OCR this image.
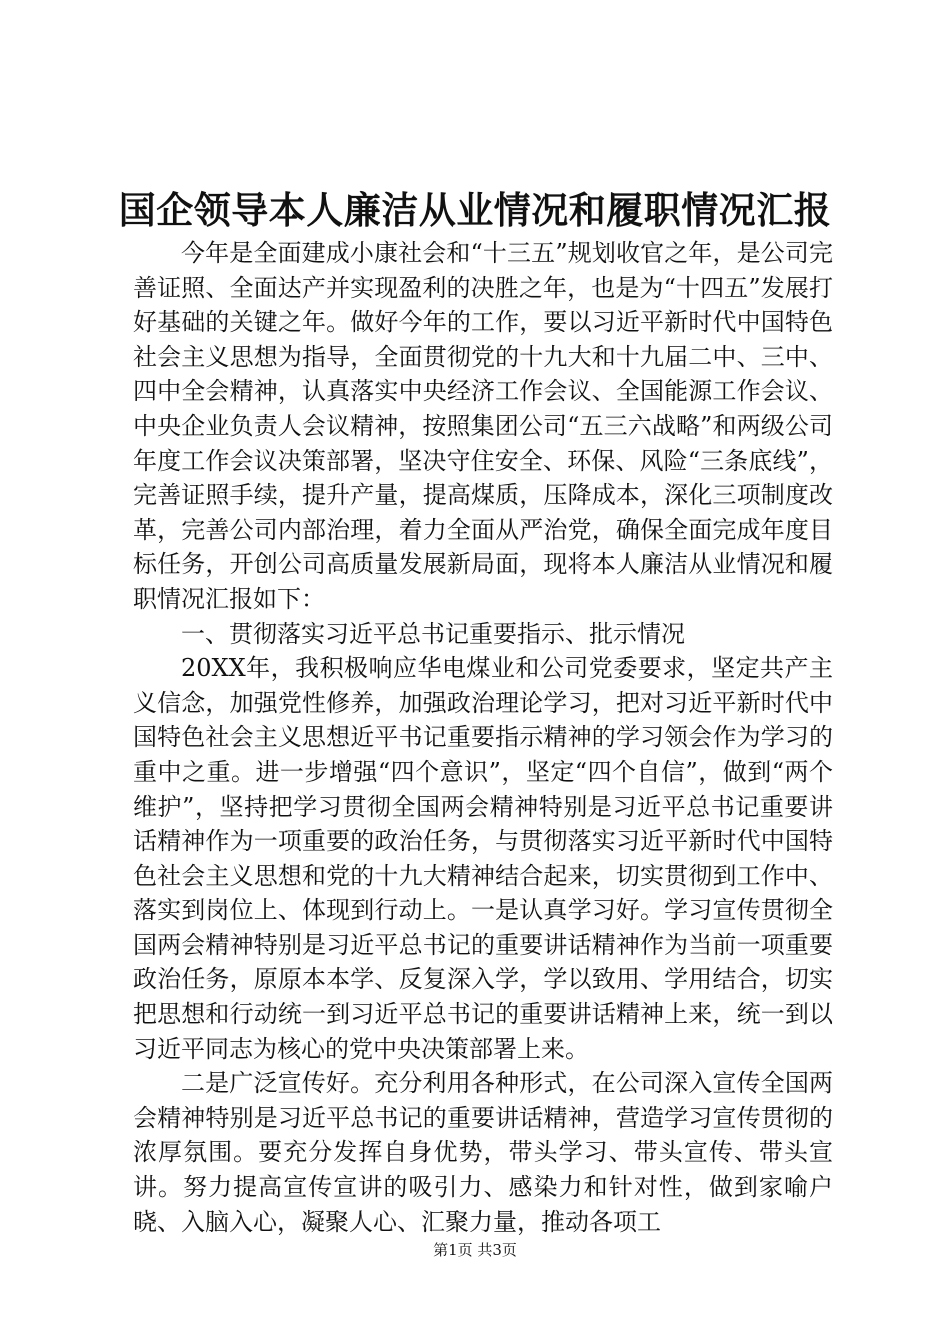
国企领导本人廉洁从业情况和履职情况汇报

今年是全面建成小康社会和“十三五”规划收官之年，是公司完善证照、全面达产并实现盈利的决胜之年，也是为“十四五”发展打好基础的关键之年。做好今年的工作，要以习近平新时代中国特色社会主义思想为指导，全面贯彻党的十九大和十九届二中、三中、四中全会精神，认真落实中央经济工作会议、全国能源工作会议、中央企业负责人会议精神，按照集团公司“五三六战略”和两级公司年度工作会议决策部署，坚决守住安全、环保、风险“三条底线”，完善证照手续，提升产量，提高煤质，压降成本，深化三项制度改革，完善公司内部治理，着力全面从严治党，确保全面完成年度目标任务，开创公司高质量发展新局面，现将本人廉洁从业情况和履职情况汇报如下：

一、贯彻落实习近平总书记重要指示、批示情况

20XX年，我积极响应华电煤业和公司党委要求，坚定共产主义信念，加强党性修养，加强政治理论学习，把对习近平新时代中国特色社会主义思想近平书记重要指示精神的学习领会作为学习的重中之重。进一步增强“四个意识”，坚定“四个自信”，做到“两个维护”，坚持把学习贯彻全国两会精神特别是习近平总书记重要讲话精神作为一项重要的政治任务，与贯彻落实习近平新时代中国特色社会主义思想和党的十九大精神结合起来，切实贯彻到工作中、落实到岗位上、体现到行动上。一是认真学习好。学习宣传贯彻全国两会精神特别是习近平总书记的重要讲话精神作为当前一项重要政治任务，原原本本学、反复深入学，学以致用、学用结合，切实把思想和行动统一到习近平总书记的重要讲话精神上来，统一到以习近平同志为核心的党中央决策部署上来。

二是广泛宣传好。充分利用各种形式，在公司深入宣传全国两会精神特别是习近平总书记的重要讲话精神，营造学习宣传贯彻的浓厚氛围。要充分发挥自身优势，带头学习、带头宣传、带头宣讲。努力提高宣传宣讲的吸引力、感染力和针对性，做到家喻户晓、入脑入心，凝聚人心、汇聚力量，推动各项工

第1页 共3页
